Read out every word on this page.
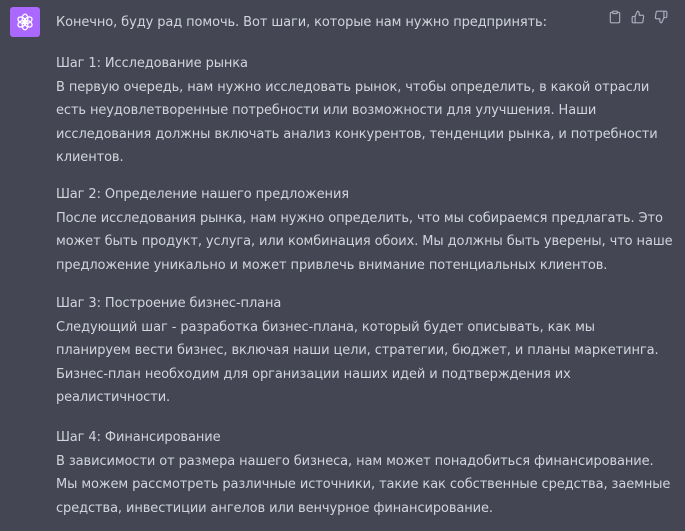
Конечно, буду рад помочь. Вот шаги, которые нам нужно предпринять:

Шаг 1: Исследование рынка

В первую очередь, нам нужно исследовать рынок, чтобы определить, в какой отрасли

есть неудовлетворенные потребности или возможности для улучшения. Наши

исследования должны включать анализ конкурентов, тенденции рынка, и потребности

клиентов.

Шаг 2: Определение нашего предложения

После исследования рынка, нам нужно определить, что мы собираемся предлагать. Это

может быть продукт, услуга, или комбинация обоих. Мы должны быть уверены, что наше

предложение уникально и может привлечь внимание потенциальных клиентов.

Шаг 3: Построение бизнес-плана

Следующий шаг - разработка бизнес-плана, который будет описывать, как мы

планируем вести бизнес, включая наши цели, стратегии, бюджет, и планы маркетинга.

Бизнес-план необходим для организации наших идей и подтверждения их

реалистичности.

Шаг 4: Финансирование

В зависимости от размера нашего бизнеса, нам может понадобиться финансирование.

Мы можем рассмотреть различные источники, такие как собственные средства, заемные

средства, инвестиции ангелов или венчурное финансирование.
